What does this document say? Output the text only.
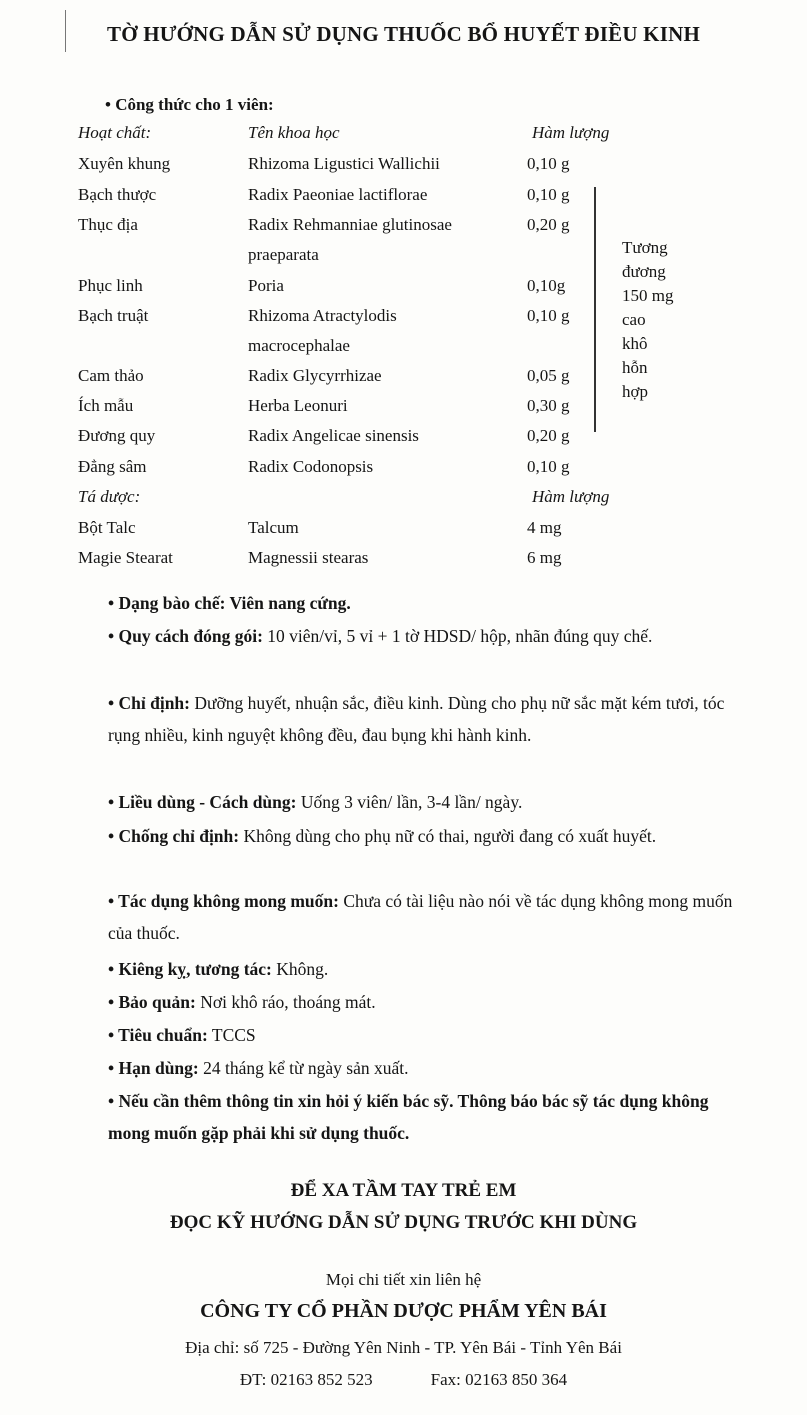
TỜ HƯỚNG DẪN SỬ DỤNG THUỐC BỔ HUYẾT ĐIỀU KINH
• Công thức cho 1 viên:
Hoạt chất:	Tên khoa học	Hàm lượng
Xuyên khung	Rhizoma Ligustici Wallichii	0,10 g
Bạch thược	Radix Paeoniae lactiflorae	0,10 g
Thục địa	Radix Rehmanniae glutinosae	0,20 g
praeparata
Phục linh	Poria	0,10g
Bạch truật	Rhizoma Atractylodis	0,10 g
macrocephalae
Cam thảo	Radix Glycyrrhizae	0,05 g
Ích mẫu	Herba Leonuri	0,30 g
Đương quy	Radix Angelicae sinensis	0,20 g
Đẳng sâm	Radix Codonopsis	0,10 g
Tương
đương
150 mg
cao
khô
hỗn
hợp
Tá dược:	Hàm lượng
Bột Talc	Talcum	4 mg
Magie Stearat	Magnessii stearas	6 mg
• Dạng bào chế: Viên nang cứng.
• Quy cách đóng gói: 10 viên/vỉ, 5 vỉ + 1 tờ HDSD/ hộp, nhãn đúng quy chế.
• Chỉ định: Dưỡng huyết, nhuận sắc, điều kinh. Dùng cho phụ nữ sắc mặt kém tươi, tóc rụng nhiều, kinh nguyệt không đều, đau bụng khi hành kinh.
• Liều dùng - Cách dùng: Uống 3 viên/ lần, 3-4 lần/ ngày.
• Chống chỉ định: Không dùng cho phụ nữ có thai, người đang có xuất huyết.
• Tác dụng không mong muốn: Chưa có tài liệu nào nói về tác dụng không mong muốn của thuốc.
• Kiêng kỵ, tương tác: Không.
• Bảo quản: Nơi khô ráo, thoáng mát.
• Tiêu chuẩn: TCCS
• Hạn dùng: 24 tháng kể từ ngày sản xuất.
• Nếu cần thêm thông tin xin hỏi ý kiến bác sỹ. Thông báo bác sỹ tác dụng không mong muốn gặp phải khi sử dụng thuốc.
ĐỂ XA TẦM TAY TRẺ EM
ĐỌC KỸ HƯỚNG DẪN SỬ DỤNG TRƯỚC KHI DÙNG
Mọi chi tiết xin liên hệ
CÔNG TY CỔ PHẦN DƯỢC PHẨM YÊN BÁI
Địa chỉ: số 725 - Đường Yên Ninh - TP. Yên Bái - Tỉnh Yên Bái
ĐT: 02163 852 523	Fax: 02163 850 364
